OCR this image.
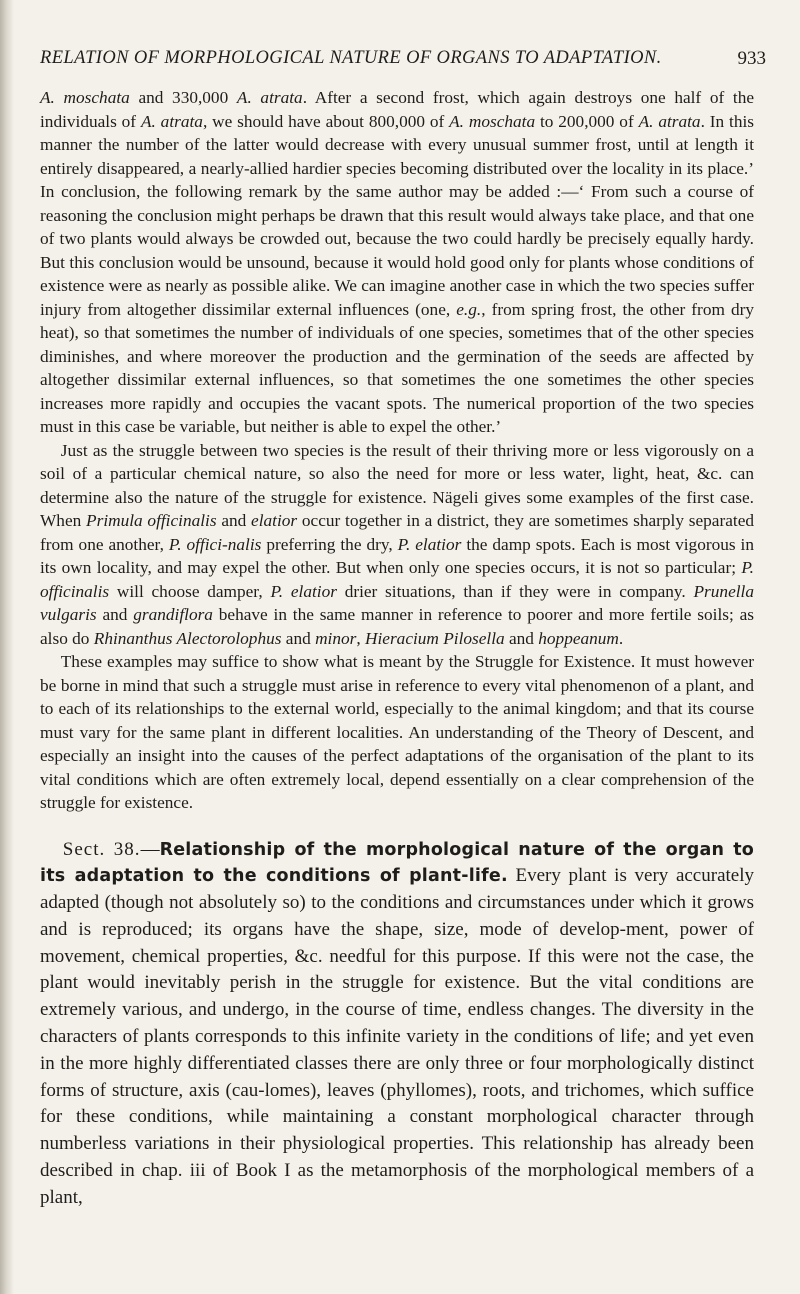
RELATION OF MORPHOLOGICAL NATURE OF ORGANS TO ADAPTATION.	933

A. moschata and 330,000 A. atrata. After a second frost, which again destroys one half of the individuals of A. atrata, we should have about 800,000 of A. moschata to 200,000 of A. atrata. In this manner the number of the latter would decrease with every unusual summer frost, until at length it entirely disappeared, a nearly-allied hardier species becoming distributed over the locality in its place.’ In conclusion, the following remark by the same author may be added :—‘ From such a course of reasoning the conclusion might perhaps be drawn that this result would always take place, and that one of two plants would always be crowded out, because the two could hardly be precisely equally hardy. But this conclusion would be unsound, because it would hold good only for plants whose conditions of existence were as nearly as possible alike. We can imagine another case in which the two species suffer injury from altogether dissimilar external influences (one, e.g., from spring frost, the other from dry heat), so that sometimes the number of individuals of one species, sometimes that of the other species diminishes, and where moreover the production and the germination of the seeds are affected by altogether dissimilar external influences, so that sometimes the one sometimes the other species increases more rapidly and occupies the vacant spots. The numerical proportion of the two species must in this case be variable, but neither is able to expel the other.’

Just as the struggle between two species is the result of their thriving more or less vigorously on a soil of a particular chemical nature, so also the need for more or less water, light, heat, &c. can determine also the nature of the struggle for existence. Nägeli gives some examples of the first case. When Primula officinalis and elatior occur together in a district, they are sometimes sharply separated from one another, P. offici-nalis preferring the dry, P. elatior the damp spots. Each is most vigorous in its own locality, and may expel the other. But when only one species occurs, it is not so particular; P. officinalis will choose damper, P. elatior drier situations, than if they were in company. Prunella vulgaris and grandiflora behave in the same manner in reference to poorer and more fertile soils; as also do Rhinanthus Alectorolophus and minor, Hieracium Pilosella and hoppeanum.

These examples may suffice to show what is meant by the Struggle for Existence. It must however be borne in mind that such a struggle must arise in reference to every vital phenomenon of a plant, and to each of its relationships to the external world, especially to the animal kingdom; and that its course must vary for the same plant in different localities. An understanding of the Theory of Descent, and especially an insight into the causes of the perfect adaptations of the organisation of the plant to its vital conditions which are often extremely local, depend essentially on a clear comprehension of the struggle for existence.

Sect. 38.—Relationship of the morphological nature of the organ to its adaptation to the conditions of plant-life. Every plant is very accurately adapted (though not absolutely so) to the conditions and circumstances under which it grows and is reproduced; its organs have the shape, size, mode of develop-ment, power of movement, chemical properties, &c. needful for this purpose. If this were not the case, the plant would inevitably perish in the struggle for existence. But the vital conditions are extremely various, and undergo, in the course of time, endless changes. The diversity in the characters of plants corresponds to this infinite variety in the conditions of life; and yet even in the more highly differentiated classes there are only three or four morphologically distinct forms of structure, axis (cau-lomes), leaves (phyllomes), roots, and trichomes, which suffice for these conditions, while maintaining a constant morphological character through numberless variations in their physiological properties. This relationship has already been described in chap. iii of Book I as the metamorphosis of the morphological members of a plant,
